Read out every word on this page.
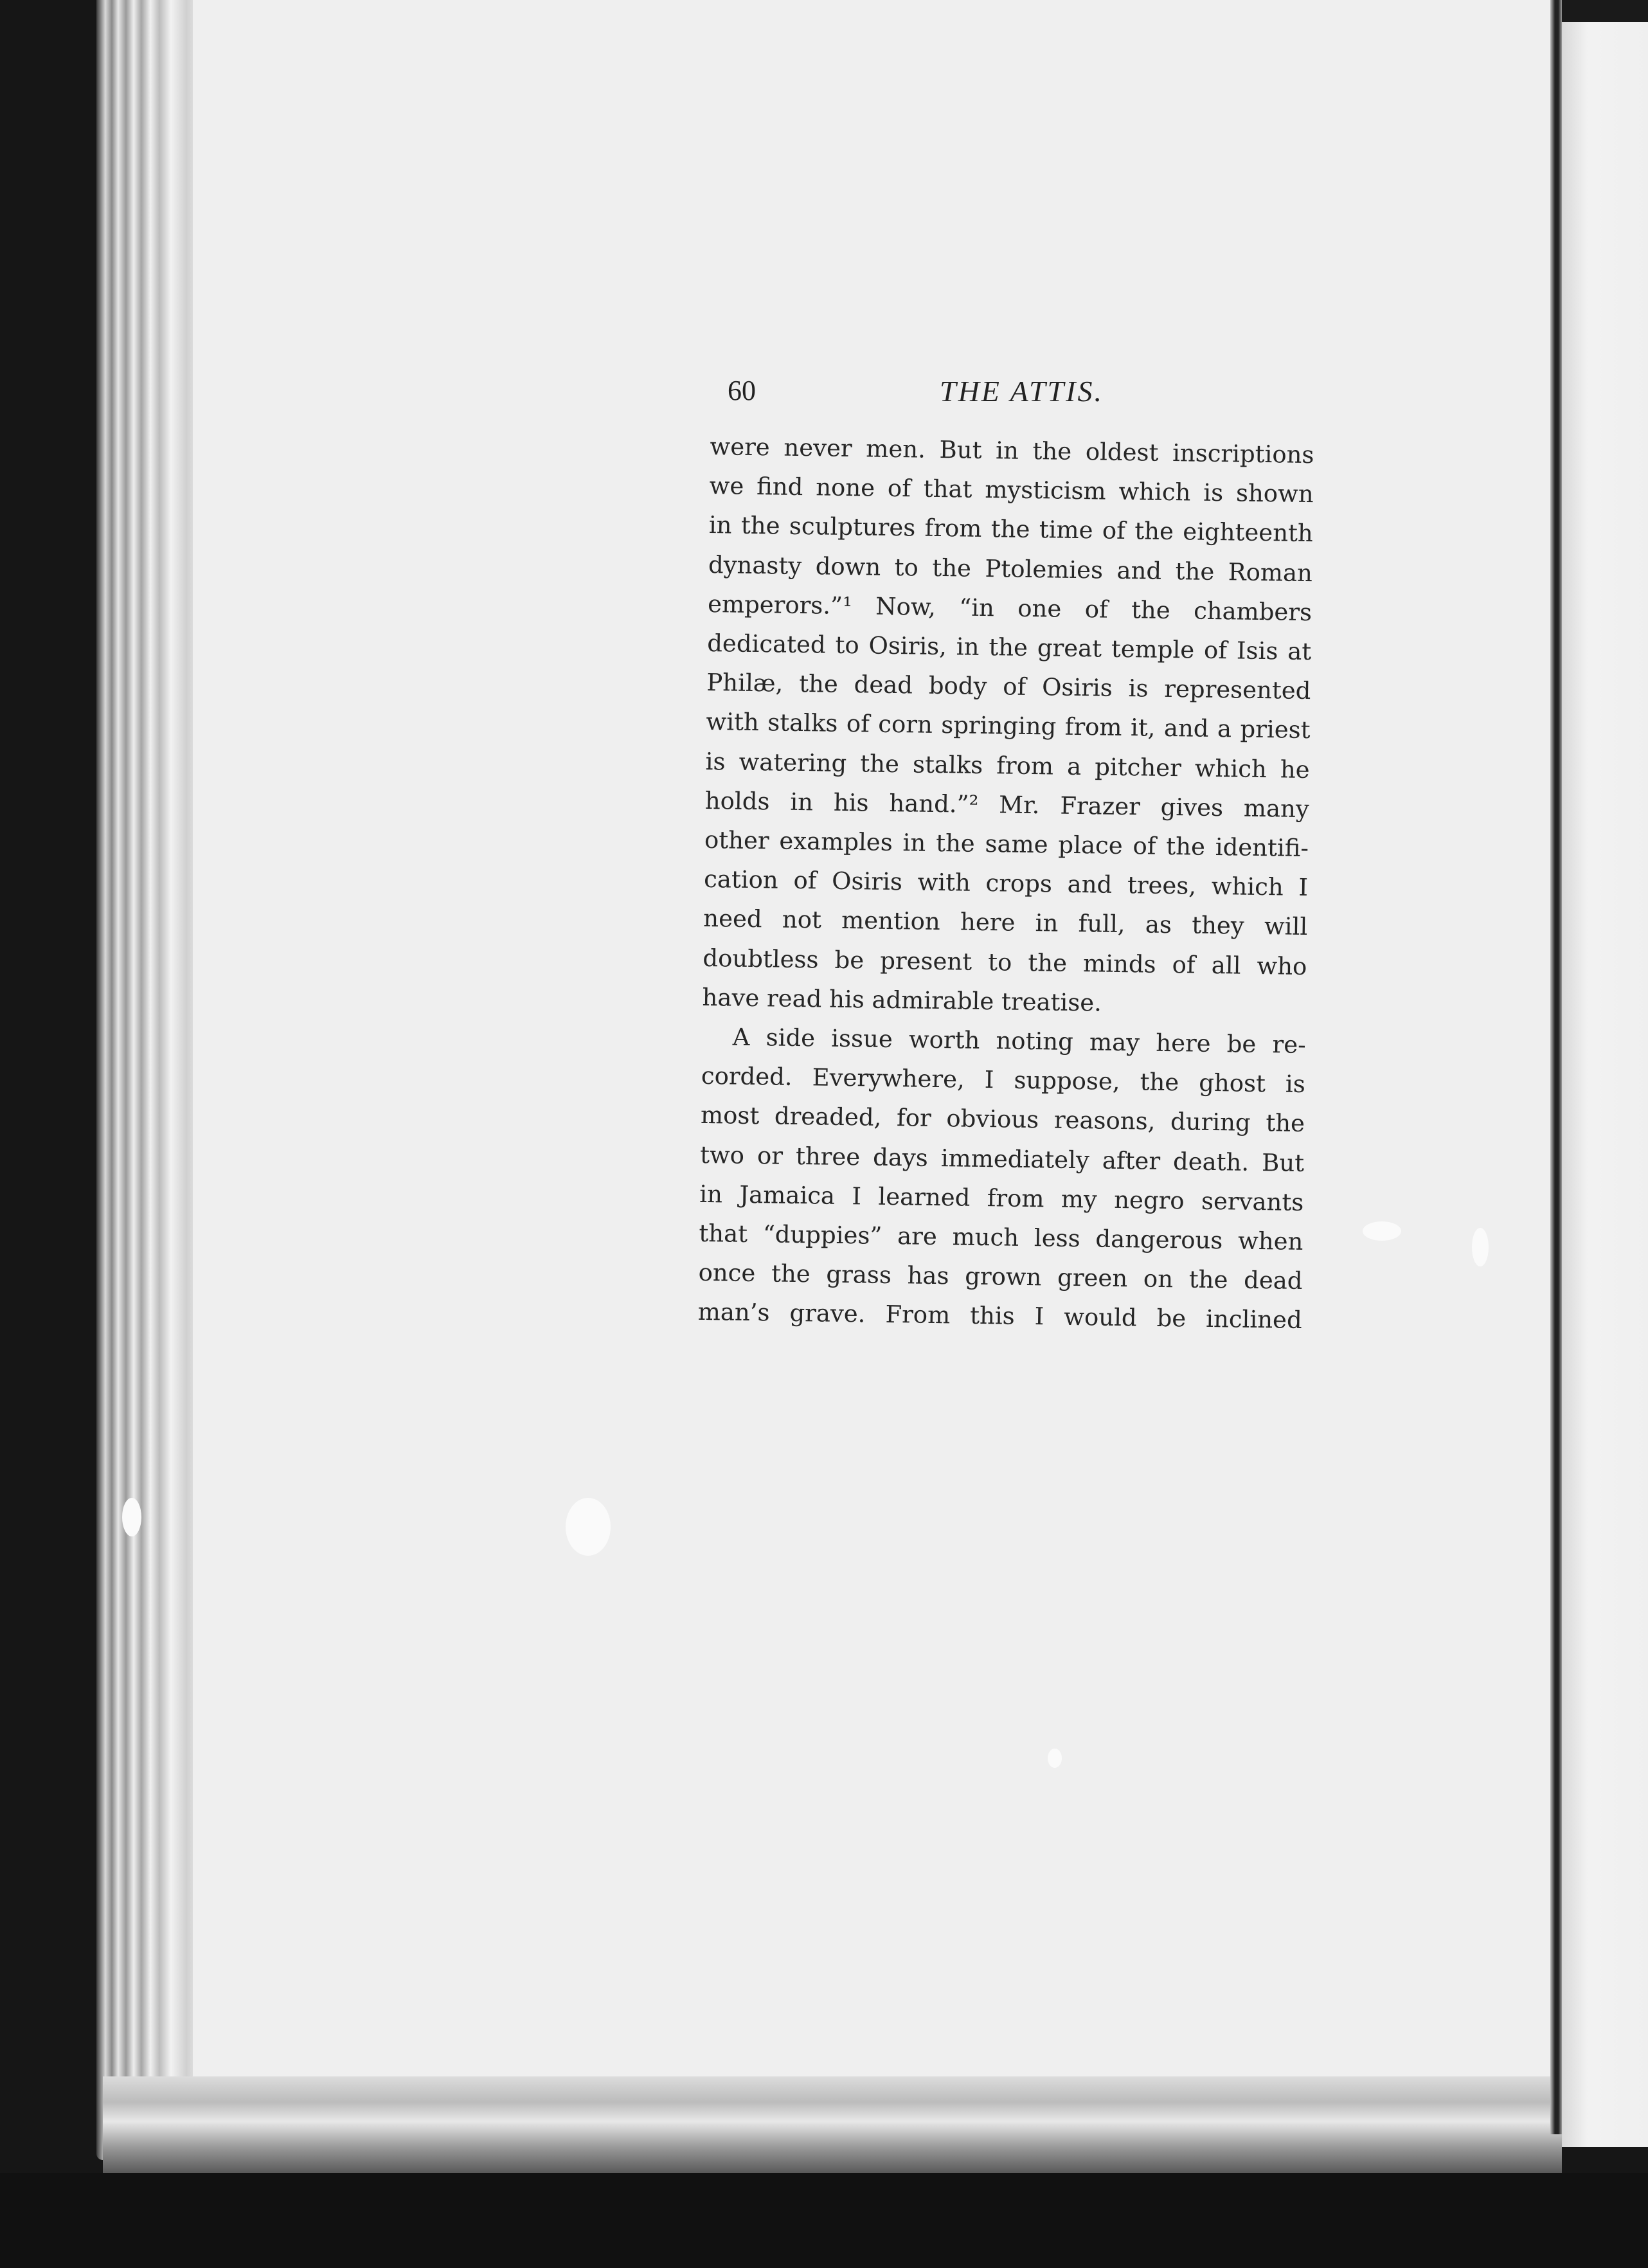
60	THE ATTIS.
were never men. But in the oldest inscriptions
we find none of that mysticism which is shown
in the sculptures from the time of the eighteenth
dynasty down to the Ptolemies and the Roman
emperors.”¹ Now, “in one of the chambers
dedicated to Osiris, in the great temple of Isis at
Philæ, the dead body of Osiris is represented
with stalks of corn springing from it, and a priest
is watering the stalks from a pitcher which he
holds in his hand.”² Mr. Frazer gives many
other examples in the same place of the identifi-
cation of Osiris with crops and trees, which I
need not mention here in full, as they will
doubtless be present to the minds of all who
have read his admirable treatise.
A side issue worth noting may here be re-
corded. Everywhere, I suppose, the ghost is
most dreaded, for obvious reasons, during the
two or three days immediately after death. But
in Jamaica I learned from my negro servants
that “duppies” are much less dangerous when
once the grass has grown green on the dead
man’s grave. From this I would be inclined
